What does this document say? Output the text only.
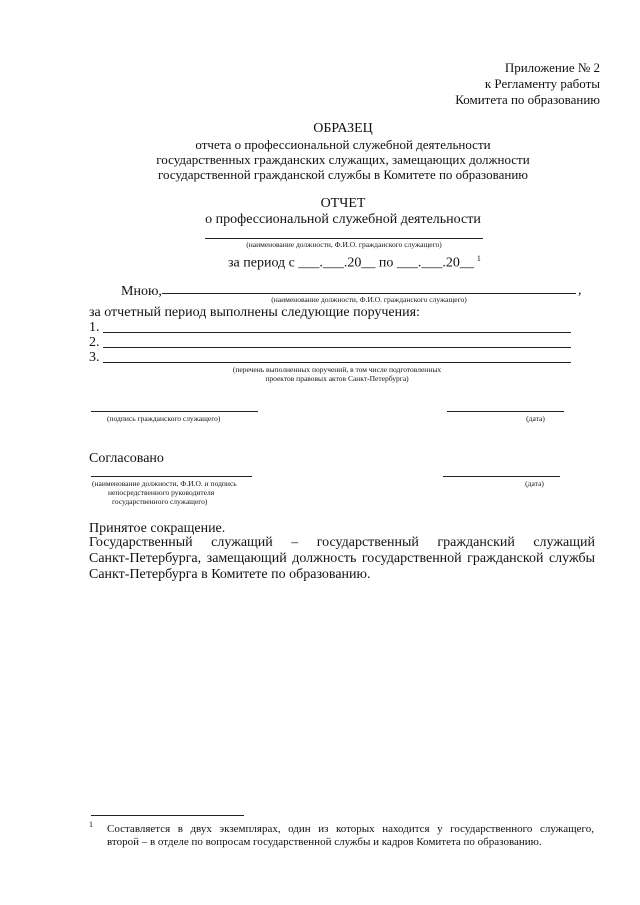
Приложение № 2
к Регламенту работы
Комитета по образованию
ОБРАЗЕЦ
отчета о профессиональной служебной деятельности
государственных гражданских служащих, замещающих должности
государственной гражданской службы в Комитете по образованию
ОТЧЕТ
о профессиональной служебной деятельности
(наименование должности, Ф.И.О. гражданского служащего)
за период с ___.___.20__ по ___.___.20__ $^1$
Мною,	,
(наименование должности, Ф.И.О. гражданского служащего)
за отчетный период выполнены следующие поручения:
1.
2.
3.
(перечень выполненных поручений, в том числе подготовленных
проектов правовых актов Санкт-Петербурга)
(подпись гражданского служащего)	(дата)
Согласовано
(наименование должности, Ф.И.О. и подпись
непосредственного руководителя
государственного служащего)
(дата)
Принятое сокращение.
Государственный служащий – государственный гражданский служащий
Санкт-Петербурга, замещающий должность государственной гражданской службы
Санкт-Петербурга в Комитете по образованию.
1 Составляется в двух экземплярах, один из которых находится у государственного служащего,
второй – в отделе по вопросам государственной службы и кадров Комитета по образованию.
